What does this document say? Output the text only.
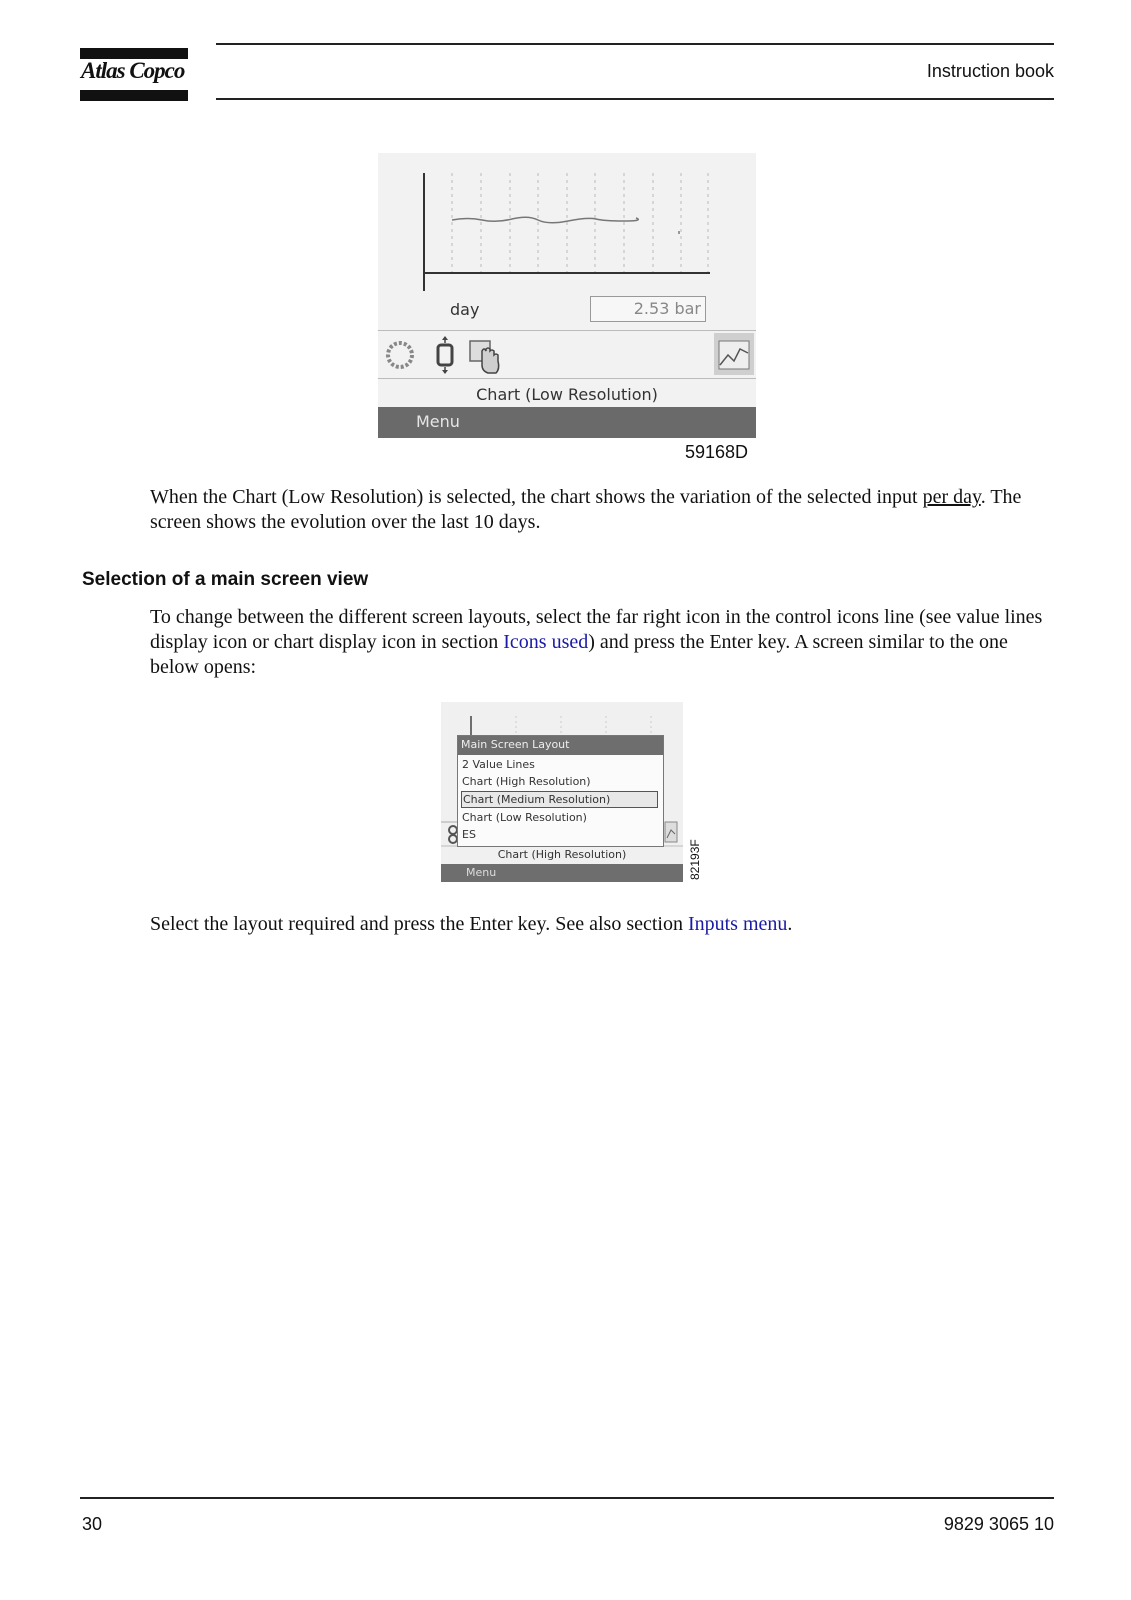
Atlas Copco	Instruction book
day	2.53 bar
Chart (Low Resolution)
Menu
59168D
When the Chart (Low Resolution) is selected, the chart shows the variation of the selected input per day. The screen shows the evolution over the last 10 days.
Selection of a main screen view
To change between the different screen layouts, select the far right icon in the control icons line (see value lines display icon or chart display icon in section Icons used) and press the Enter key. A screen similar to the one below opens:
Main Screen Layout
2 Value Lines
Chart (High Resolution)
Chart (Medium Resolution)
Chart (Low Resolution)
ES
Chart (High Resolution)
Menu	82193F
Select the layout required and press the Enter key. See also section Inputs menu.
30	9829 3065 10
